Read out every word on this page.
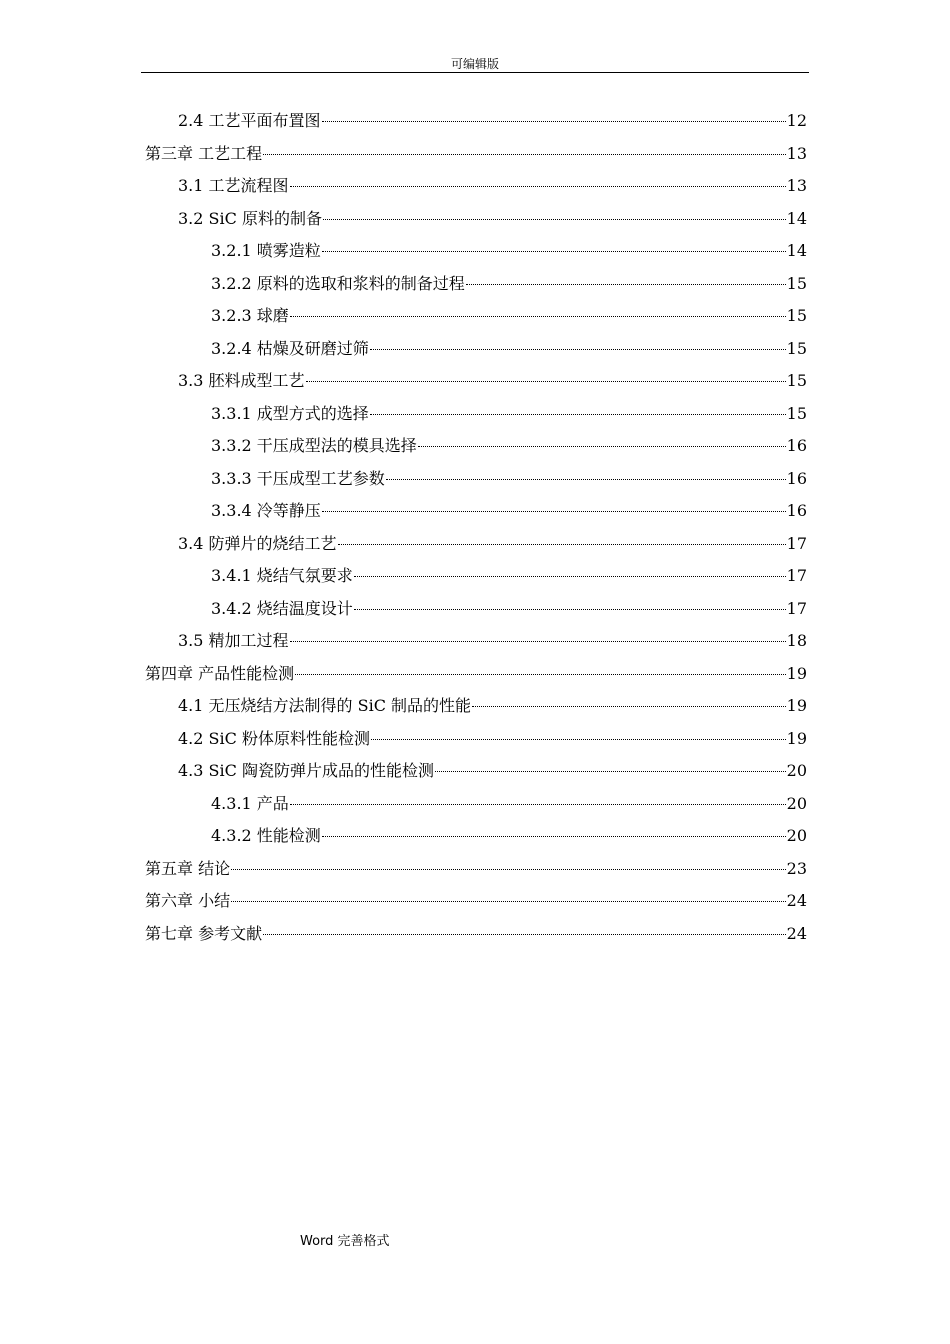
可编辑版
2.4 工艺平面布置图	12
第三章 工艺工程	13
3.1 工艺流程图	13
3.2 SiC 原料的制备	14
3.2.1 喷雾造粒	14
3.2.2 原料的选取和浆料的制备过程	15
3.2.3 球磨	15
3.2.4 枯燥及研磨过筛	15
3.3 胚料成型工艺	15
3.3.1 成型方式的选择	15
3.3.2 干压成型法的模具选择	16
3.3.3 干压成型工艺参数	16
3.3.4 冷等静压	16
3.4 防弹片的烧结工艺	17
3.4.1 烧结气氛要求	17
3.4.2 烧结温度设计	17
3.5 精加工过程	18
第四章 产品性能检测	19
4.1 无压烧结方法制得的 SiC 制品的性能	19
4.2 SiC 粉体原料性能检测	19
4.3 SiC 陶瓷防弹片成品的性能检测	20
4.3.1 产品	20
4.3.2 性能检测	20
第五章 结论	23
第六章 小结	24
第七章 参考文献	24
Word 完善格式
